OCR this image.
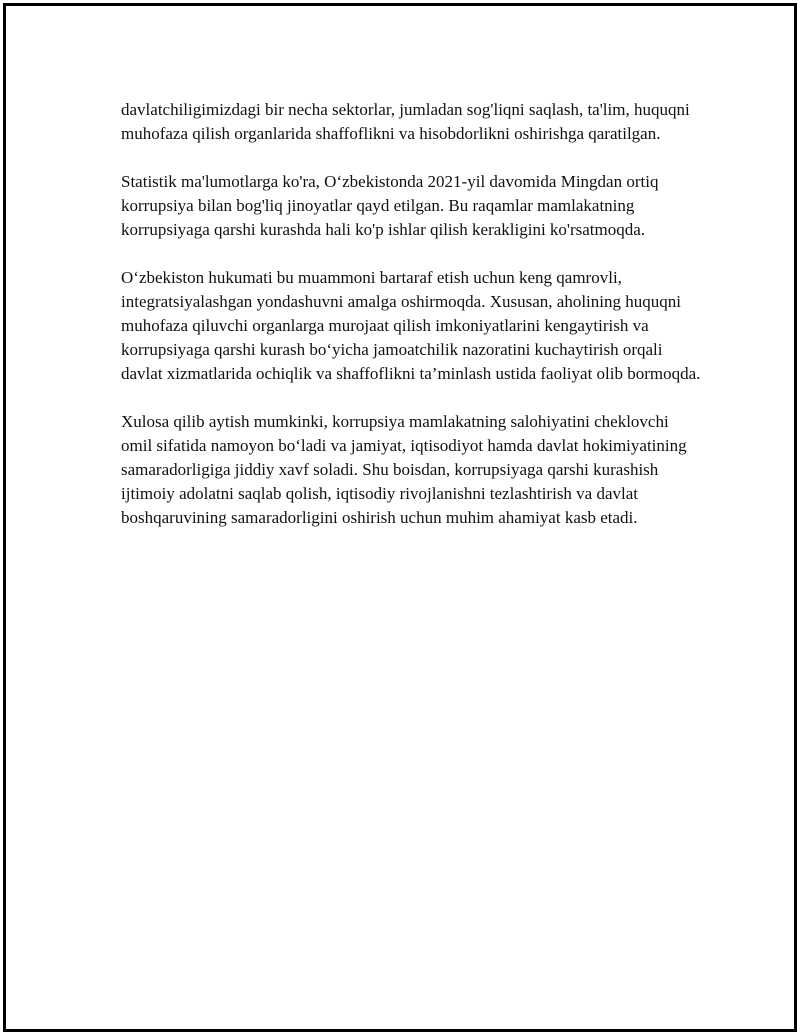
davlatchiligimizdagi bir necha sektorlar, jumladan sog'liqni saqlash, ta'lim, huquqni muhofaza qilish organlarida shaffoflikni va hisobdorlikni oshirishga qaratilgan.

Statistik ma'lumotlarga ko'ra, O‘zbekistonda 2021-yil davomida Mingdan ortiq korrupsiya bilan bog'liq jinoyatlar qayd etilgan. Bu raqamlar mamlakatning korrupsiyaga qarshi kurashda hali ko'p ishlar qilish kerakligini ko'rsatmoqda.

O‘zbekiston hukumati bu muammoni bartaraf etish uchun keng qamrovli, integratsiyalashgan yondashuvni amalga oshirmoqda. Xususan, aholining huquqni muhofaza qiluvchi organlarga murojaat qilish imkoniyatlarini kengaytirish va korrupsiyaga qarshi kurash bo‘yicha jamoatchilik nazoratini kuchaytirish orqali davlat xizmatlarida ochiqlik va shaffoflikni ta’minlash ustida faoliyat olib bormoqda.

Xulosa qilib aytish mumkinki, korrupsiya mamlakatning salohiyatini cheklovchi omil sifatida namoyon bo‘ladi va jamiyat, iqtisodiyot hamda davlat hokimiyatining samaradorligiga jiddiy xavf soladi. Shu boisdan, korrupsiyaga qarshi kurashish ijtimoiy adolatni saqlab qolish, iqtisodiy rivojlanishni tezlashtirish va davlat boshqaruvining samaradorligini oshirish uchun muhim ahamiyat kasb etadi.
